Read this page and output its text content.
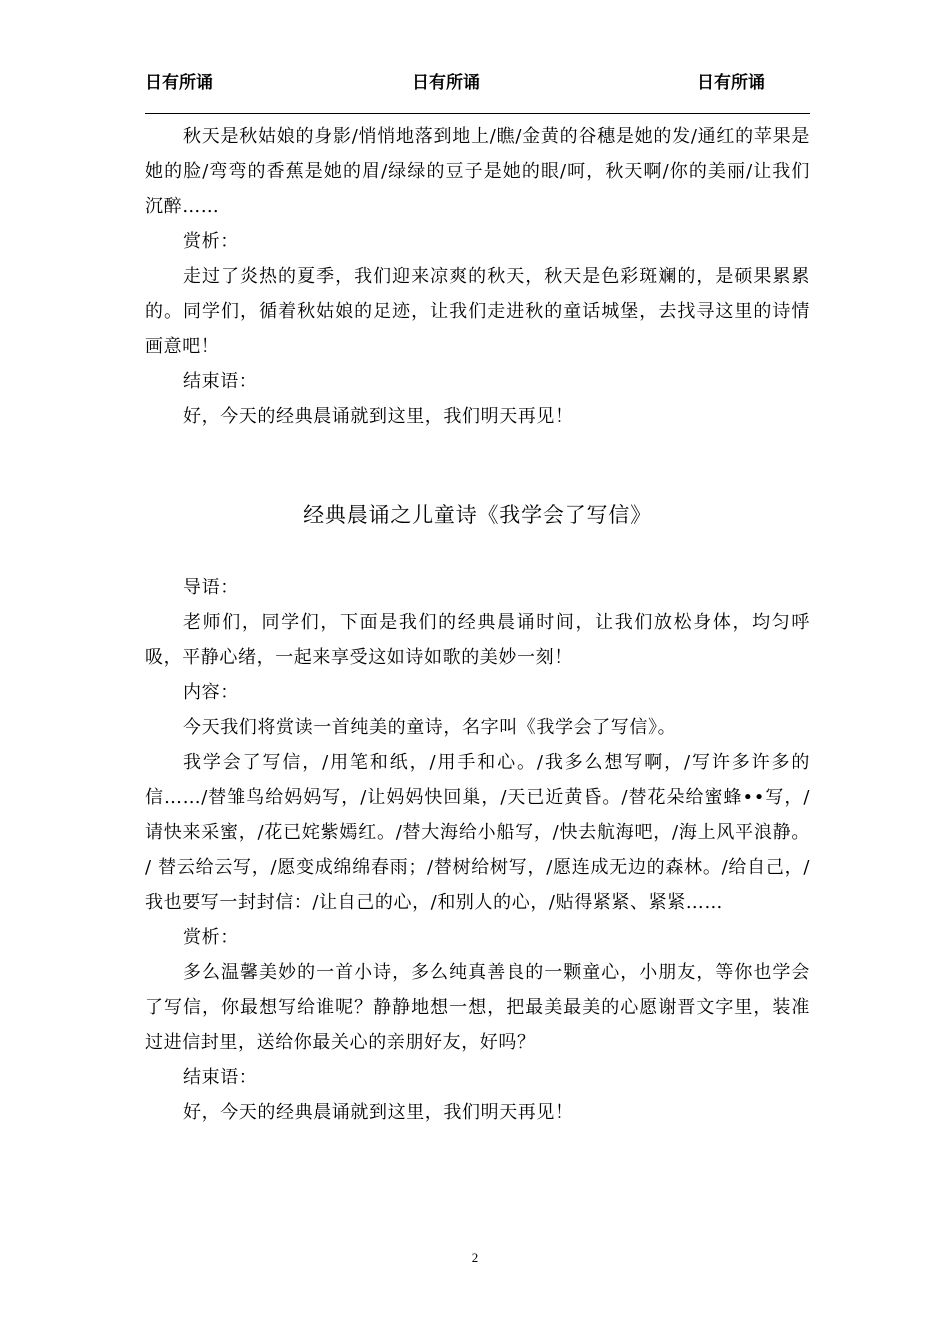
日有所诵	日有所诵	日有所诵

秋天是秋姑娘的身影/悄悄地落到地上/瞧/金黄的谷穗是她的发/通红的苹果是她的脸/弯弯的香蕉是她的眉/绿绿的豆子是她的眼/呵，秋天啊/你的美丽/让我们沉醉……

赏析：

走过了炎热的夏季，我们迎来凉爽的秋天，秋天是色彩斑斓的，是硕果累累的。同学们，循着秋姑娘的足迹，让我们走进秋的童话城堡，去找寻这里的诗情画意吧！

结束语：

好，今天的经典晨诵就到这里，我们明天再见！

经典晨诵之儿童诗《我学会了写信》

导语：

老师们，同学们，下面是我们的经典晨诵时间，让我们放松身体，均匀呼吸，平静心绪，一起来享受这如诗如歌的美妙一刻！

内容：

今天我们将赏读一首纯美的童诗，名字叫《我学会了写信》。

我学会了写信，/用笔和纸，/用手和心。/我多么想写啊，/写许多许多的信……/替雏鸟给妈妈写，/让妈妈快回巢，/天已近黄昏。/替花朵给蜜蜂••写，/请快来采蜜，/花已姹紫嫣红。/替大海给小船写，/快去航海吧，/海上风平浪静。 / 替云给云写，/愿变成绵绵春雨；/替树给树写，/愿连成无边的森林。/给自己，/我也要写一封封信：/让自己的心，/和别人的心，/贴得紧紧、紧紧……

赏析：

多么温馨美妙的一首小诗，多么纯真善良的一颗童心，小朋友，等你也学会了写信，你最想写给谁呢？静静地想一想，把最美最美的心愿谢晋文字里，装准过进信封里，送给你最关心的亲朋好友，好吗？

结束语：

好，今天的经典晨诵就到这里，我们明天再见！

2
